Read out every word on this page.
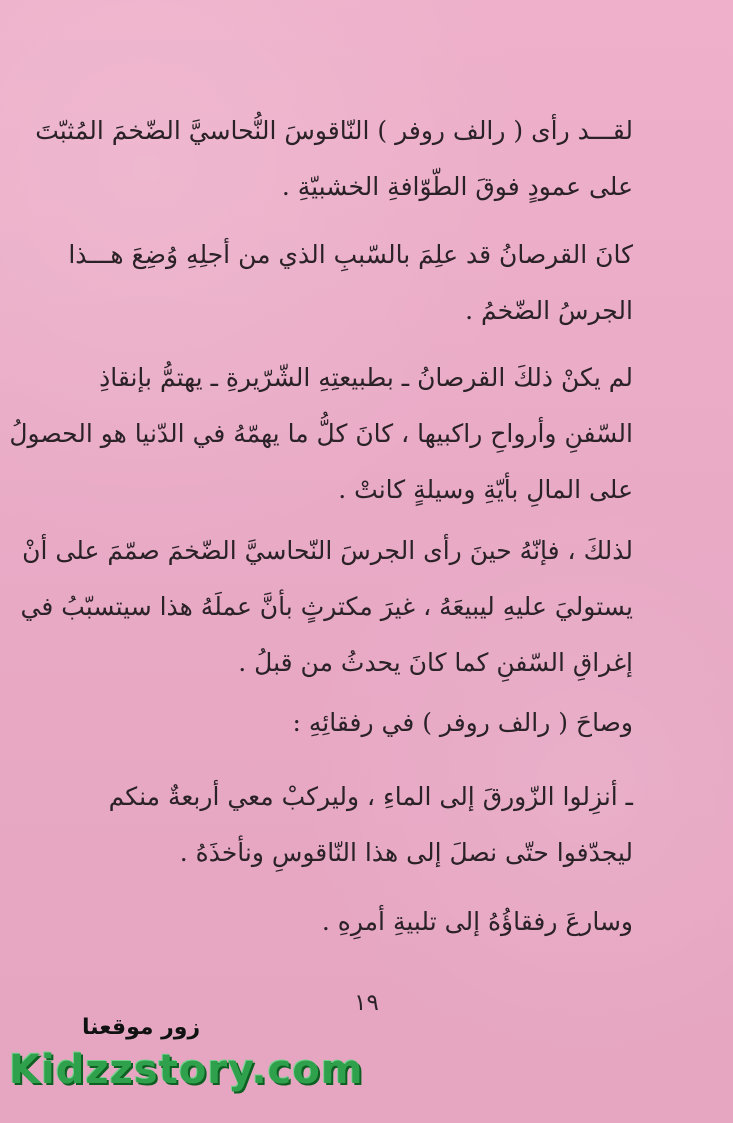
لقـــد رأى ( رالف روفر ) النّاقوسَ النُّحاسيَّ الضّخمَ المُثبّتَ
على عمودٍ فوقَ الطّوّافةِ الخشبيّةِ .
كانَ القرصانُ قد علِمَ بالسّببِ الذي من أجلِهِ وُضِعَ هـــذا
الجرسُ الضّخمُ .
لم يكنْ ذلكَ القرصانُ ـ بطبيعتِهِ الشّرّيرةِ ـ يهتمُّ بإنقاذِ
السّفنِ وأرواحِ راكبيها ، كانَ كلُّ ما يهمّهُ في الدّنيا هو الحصولُ
على المالِ بأيّةِ وسيلةٍ كانتْ .
لذلكَ ، فإنّهُ حينَ رأى الجرسَ النّحاسيَّ الضّخمَ صمّمَ على أنْ
يستوليَ عليهِ ليبيعَهُ ، غيرَ مكترثٍ بأنَّ عملَهُ هذا سيتسبّبُ في
إغراقِ السّفنِ كما كانَ يحدثُ من قبلُ .
وصاحَ ( رالف روفر ) في رفقائِهِ :
ـ أنزِلوا الزّورقَ إلى الماءِ ، وليركبْ معي أربعةٌ منكم
ليجدّفوا حتّى نصلَ إلى هذا النّاقوسِ ونأخذَهُ .
وسارعَ رفقاؤُهُ إلى تلبيةِ أمرِهِ .
١٩
زور موقعنا
Kidzzstory.com
